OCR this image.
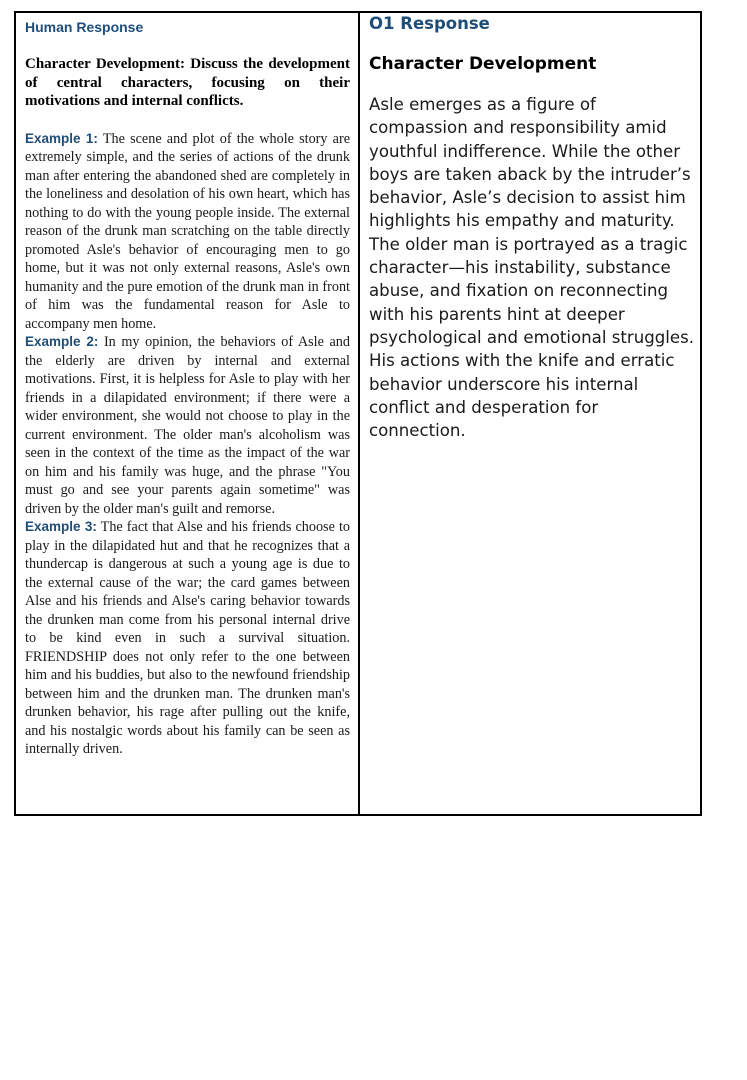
Human Response

Character Development: Discuss the development of central characters, focusing on their motivations and internal conflicts.

Example 1: The scene and plot of the whole story are extremely simple, and the series of actions of the drunk man after entering the abandoned shed are completely in the loneliness and desolation of his own heart, which has nothing to do with the young people inside. The external reason of the drunk man scratching on the table directly promoted Asle's behavior of encouraging men to go home, but it was not only external reasons, Asle's own humanity and the pure emotion of the drunk man in front of him was the fundamental reason for Asle to accompany men home.

Example 2: In my opinion, the behaviors of Asle and the elderly are driven by internal and external motivations. First, it is helpless for Asle to play with her friends in a dilapidated environment; if there were a wider environment, she would not choose to play in the current environment. The older man's alcoholism was seen in the context of the time as the impact of the war on him and his family was huge, and the phrase "You must go and see your parents again sometime" was driven by the older man's guilt and remorse.

Example 3: The fact that Alse and his friends choose to play in the dilapidated hut and that he recognizes that a thundercap is dangerous at such a young age is due to the external cause of the war; the card games between Alse and his friends and Alse's caring behavior towards the drunken man come from his personal internal drive to be kind even in such a survival situation. FRIENDSHIP does not only refer to the one between him and his buddies, but also to the newfound friendship between him and the drunken man. The drunken man's drunken behavior, his rage after pulling out the knife, and his nostalgic words about his family can be seen as internally driven.

O1 Response

Character Development

Asle emerges as a figure of compassion and responsibility amid youthful indifference. While the other boys are taken aback by the intruder’s behavior, Asle’s decision to assist him highlights his empathy and maturity. The older man is portrayed as a tragic character—his instability, substance abuse, and fixation on reconnecting with his parents hint at deeper psychological and emotional struggles. His actions with the knife and erratic behavior underscore his internal conflict and desperation for connection.
